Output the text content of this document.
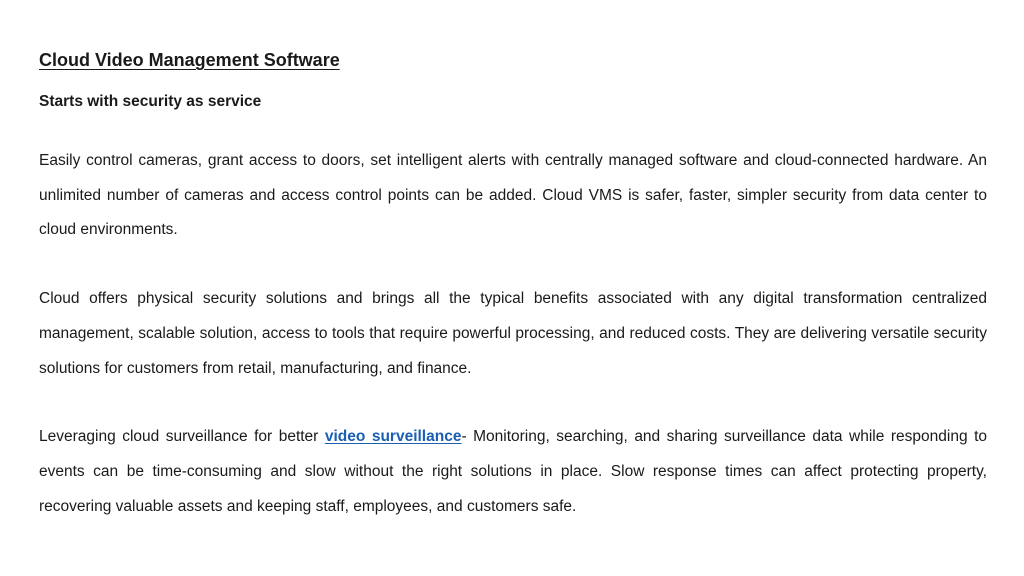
Cloud Video Management Software
Starts with security as service

Easily control cameras, grant access to doors, set intelligent alerts with centrally managed software and cloud-connected hardware. An unlimited number of cameras and access control points can be added. Cloud VMS is safer, faster, simpler security from data center to cloud environments.

Cloud offers physical security solutions and brings all the typical benefits associated with any digital transformation centralized management, scalable solution, access to tools that require powerful processing, and reduced costs. They are delivering versatile security solutions for customers from retail, manufacturing, and finance.

Leveraging cloud surveillance for better video surveillance- Monitoring, searching, and sharing surveillance data while responding to events can be time-consuming and slow without the right solutions in place. Slow response times can affect protecting property, recovering valuable assets and keeping staff, employees, and customers safe.
